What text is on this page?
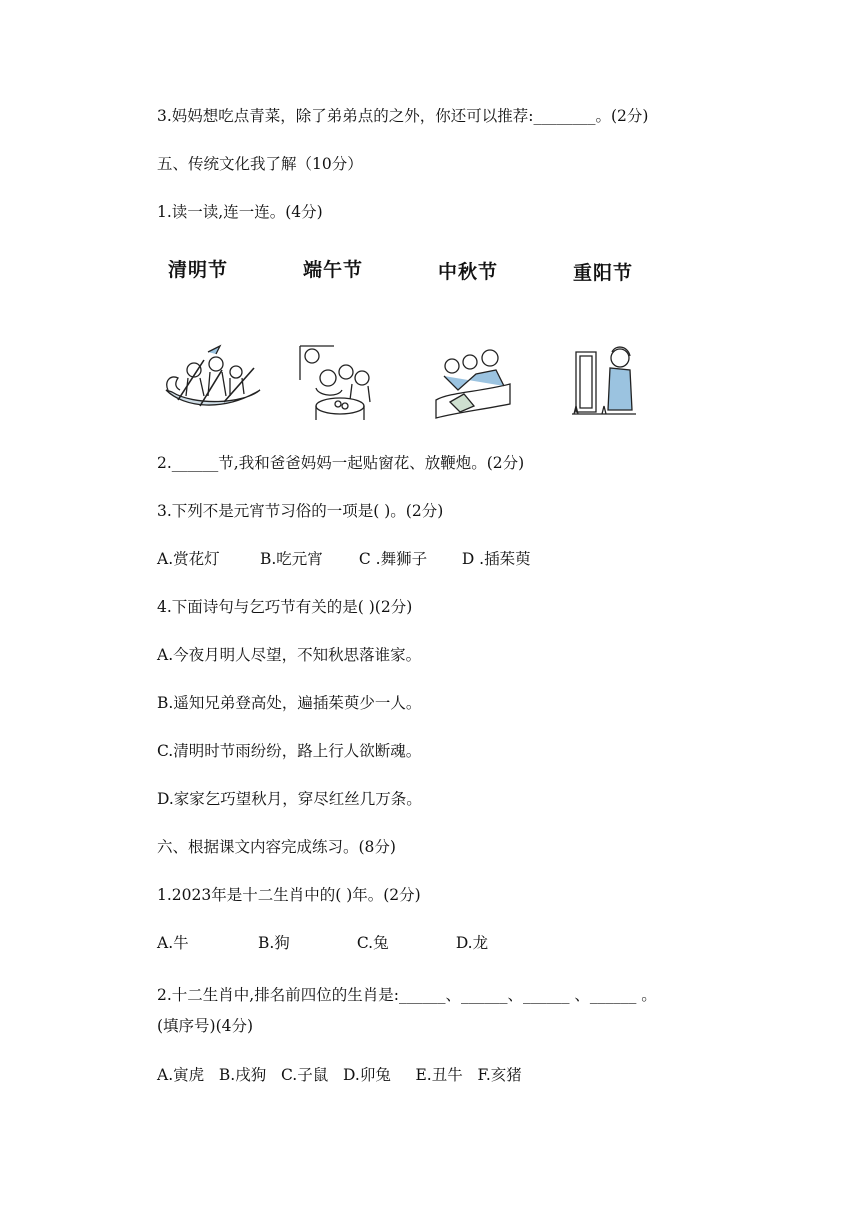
3.妈妈想吃点青菜，除了弟弟点的之外，你还可以推荐:________。(2分)
五、传统文化我了解（10分）
1.读一读,连一连。(4分)
清明节	端午节	中秋节	重阳节
2.______节,我和爸爸妈妈一起贴窗花、放鞭炮。(2分)
3.下列不是元宵节习俗的一项是( )。(2分)
A.赏花灯	B.吃元宵 C .舞狮子 D .插茱萸
4.下面诗句与乞巧节有关的是( )(2分)
A.今夜月明人尽望，不知秋思落谁家。
B.遥知兄弟登高处，遍插茱萸少一人。
C.清明时节雨纷纷，路上行人欲断魂。
D.家家乞巧望秋月，穿尽红丝几万条。
六、根据课文内容完成练习。(8分)
1.2023年是十二生肖中的( )年。(2分)
A.牛	B.狗	C.兔	D.龙
2.十二生肖中,排名前四位的生肖是:______、______、______ 、______ 。
(填序号)(4分)
A.寅虎   B.戌狗   C.子鼠   D.卯兔     E.丑牛   F.亥猪
